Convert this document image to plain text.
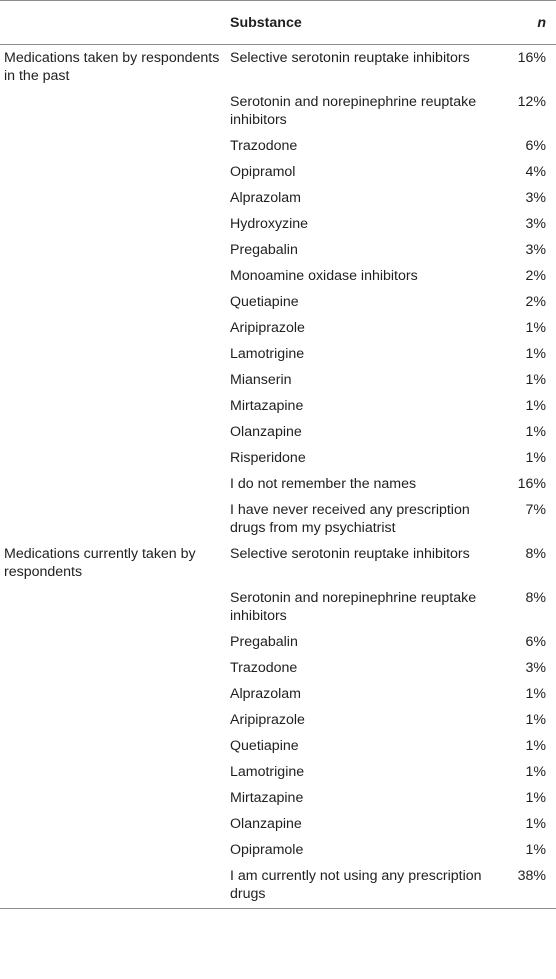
	Substance	n
Medications taken by respondents in the past	Selective serotonin reuptake inhibitors	16%
	Serotonin and norepinephrine reuptake inhibitors	12%
	Trazodone	6%
	Opipramol	4%
	Alprazolam	3%
	Hydroxyzine	3%
	Pregabalin	3%
	Monoamine oxidase inhibitors	2%
	Quetiapine	2%
	Aripiprazole	1%
	Lamotrigine	1%
	Mianserin	1%
	Mirtazapine	1%
	Olanzapine	1%
	Risperidone	1%
	I do not remember the names	16%
	I have never received any prescription drugs from my psychiatrist	7%
Medications currently taken by respondents	Selective serotonin reuptake inhibitors	8%
	Serotonin and norepinephrine reuptake inhibitors	8%
	Pregabalin	6%
	Trazodone	3%
	Alprazolam	1%
	Aripiprazole	1%
	Quetiapine	1%
	Lamotrigine	1%
	Mirtazapine	1%
	Olanzapine	1%
	Opipramole	1%
	I am currently not using any prescription drugs	38%
